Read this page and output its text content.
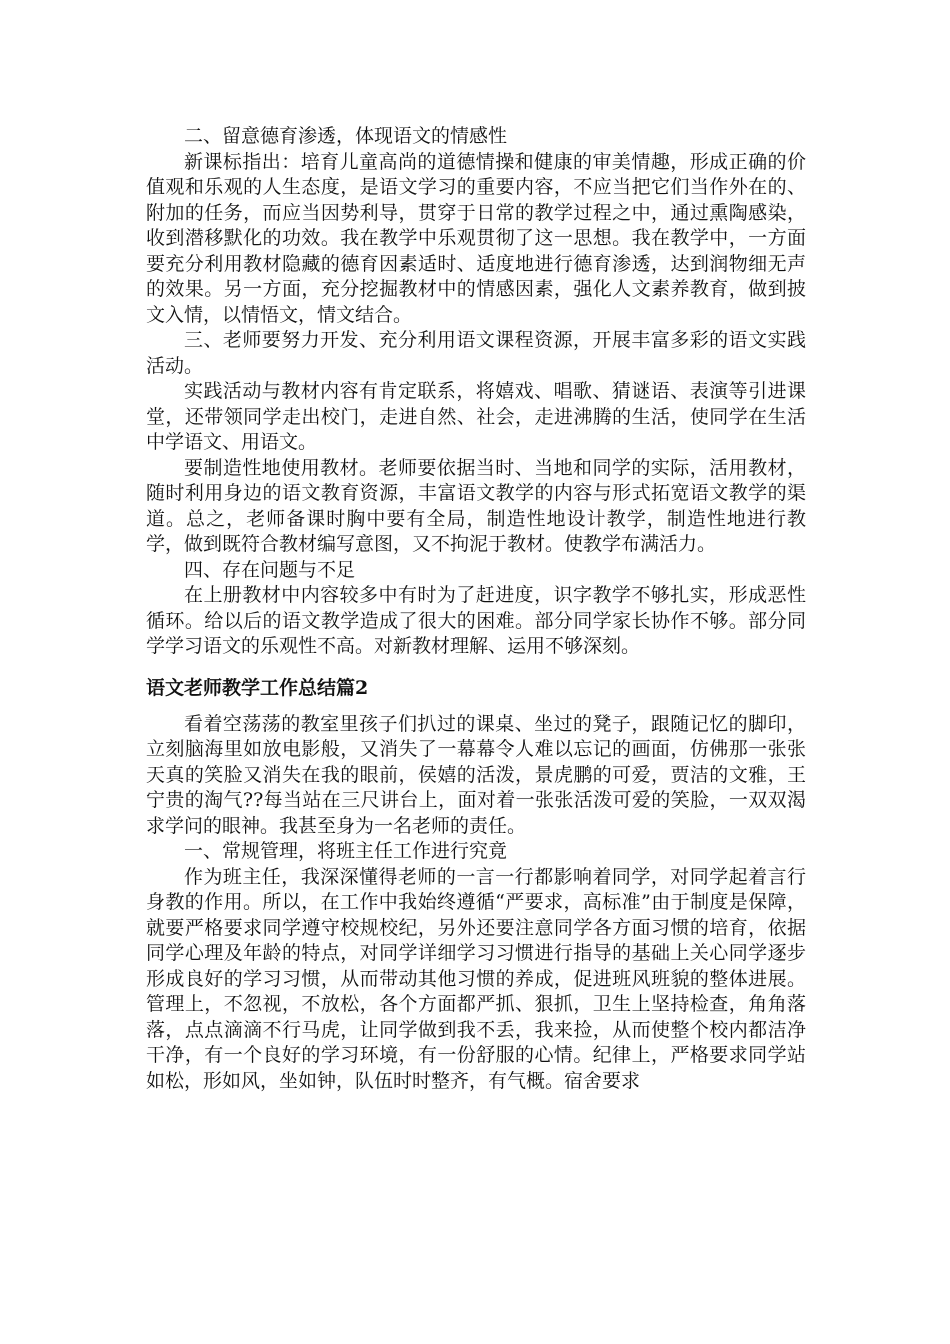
二、留意德育渗透，体现语文的情感性

新课标指出：培育儿童高尚的道德情操和健康的审美情趣，形成正确的价值观和乐观的人生态度，是语文学习的重要内容，不应当把它们当作外在的、附加的任务，而应当因势利导，贯穿于日常的教学过程之中，通过熏陶感染，收到潜移默化的功效。我在教学中乐观贯彻了这一思想。我在教学中，一方面要充分利用教材隐藏的德育因素适时、适度地进行德育渗透，达到润物细无声的效果。另一方面，充分挖掘教材中的情感因素，强化人文素养教育，做到披文入情，以情悟文，情文结合。

三、老师要努力开发、充分利用语文课程资源，开展丰富多彩的语文实践活动。

实践活动与教材内容有肯定联系，将嬉戏、唱歌、猜谜语、表演等引进课堂，还带领同学走出校门，走进自然、社会，走进沸腾的生活，使同学在生活中学语文、用语文。

要制造性地使用教材。老师要依据当时、当地和同学的实际，活用教材，随时利用身边的语文教育资源，丰富语文教学的内容与形式拓宽语文教学的渠道。总之，老师备课时胸中要有全局，制造性地设计教学，制造性地进行教学，做到既符合教材编写意图，又不拘泥于教材。使教学布满活力。

四、存在问题与不足

在上册教材中内容较多中有时为了赶进度，识字教学不够扎实，形成恶性循环。给以后的语文教学造成了很大的困难。部分同学家长协作不够。部分同学学习语文的乐观性不高。对新教材理解、运用不够深刻。

语文老师教学工作总结篇2

看着空荡荡的教室里孩子们扒过的课桌、坐过的凳子，跟随记忆的脚印，立刻脑海里如放电影般，又消失了一幕幕令人难以忘记的画面，仿佛那一张张天真的笑脸又消失在我的眼前，侯嬉的活泼，景虎鹏的可爱，贾洁的文雅，王宁贵的淘气??每当站在三尺讲台上，面对着一张张活泼可爱的笑脸，一双双渴求学问的眼神。我甚至身为一名老师的责任。

一、常规管理，将班主任工作进行究竟

作为班主任，我深深懂得老师的一言一行都影响着同学，对同学起着言行身教的作用。所以，在工作中我始终遵循“严要求，高标准”由于制度是保障，就要严格要求同学遵守校规校纪，另外还要注意同学各方面习惯的培育，依据同学心理及年龄的特点，对同学详细学习习惯进行指导的基础上关心同学逐步形成良好的学习习惯，从而带动其他习惯的养成，促进班风班貌的整体进展。管理上，不忽视，不放松，各个方面都严抓、狠抓，卫生上坚持检查，角角落落，点点滴滴不行马虎，让同学做到我不丢，我来捡，从而使整个校内都洁净干净，有一个良好的学习环境，有一份舒服的心情。纪律上，严格要求同学站如松，形如风，坐如钟，队伍时时整齐，有气概。宿舍要求
